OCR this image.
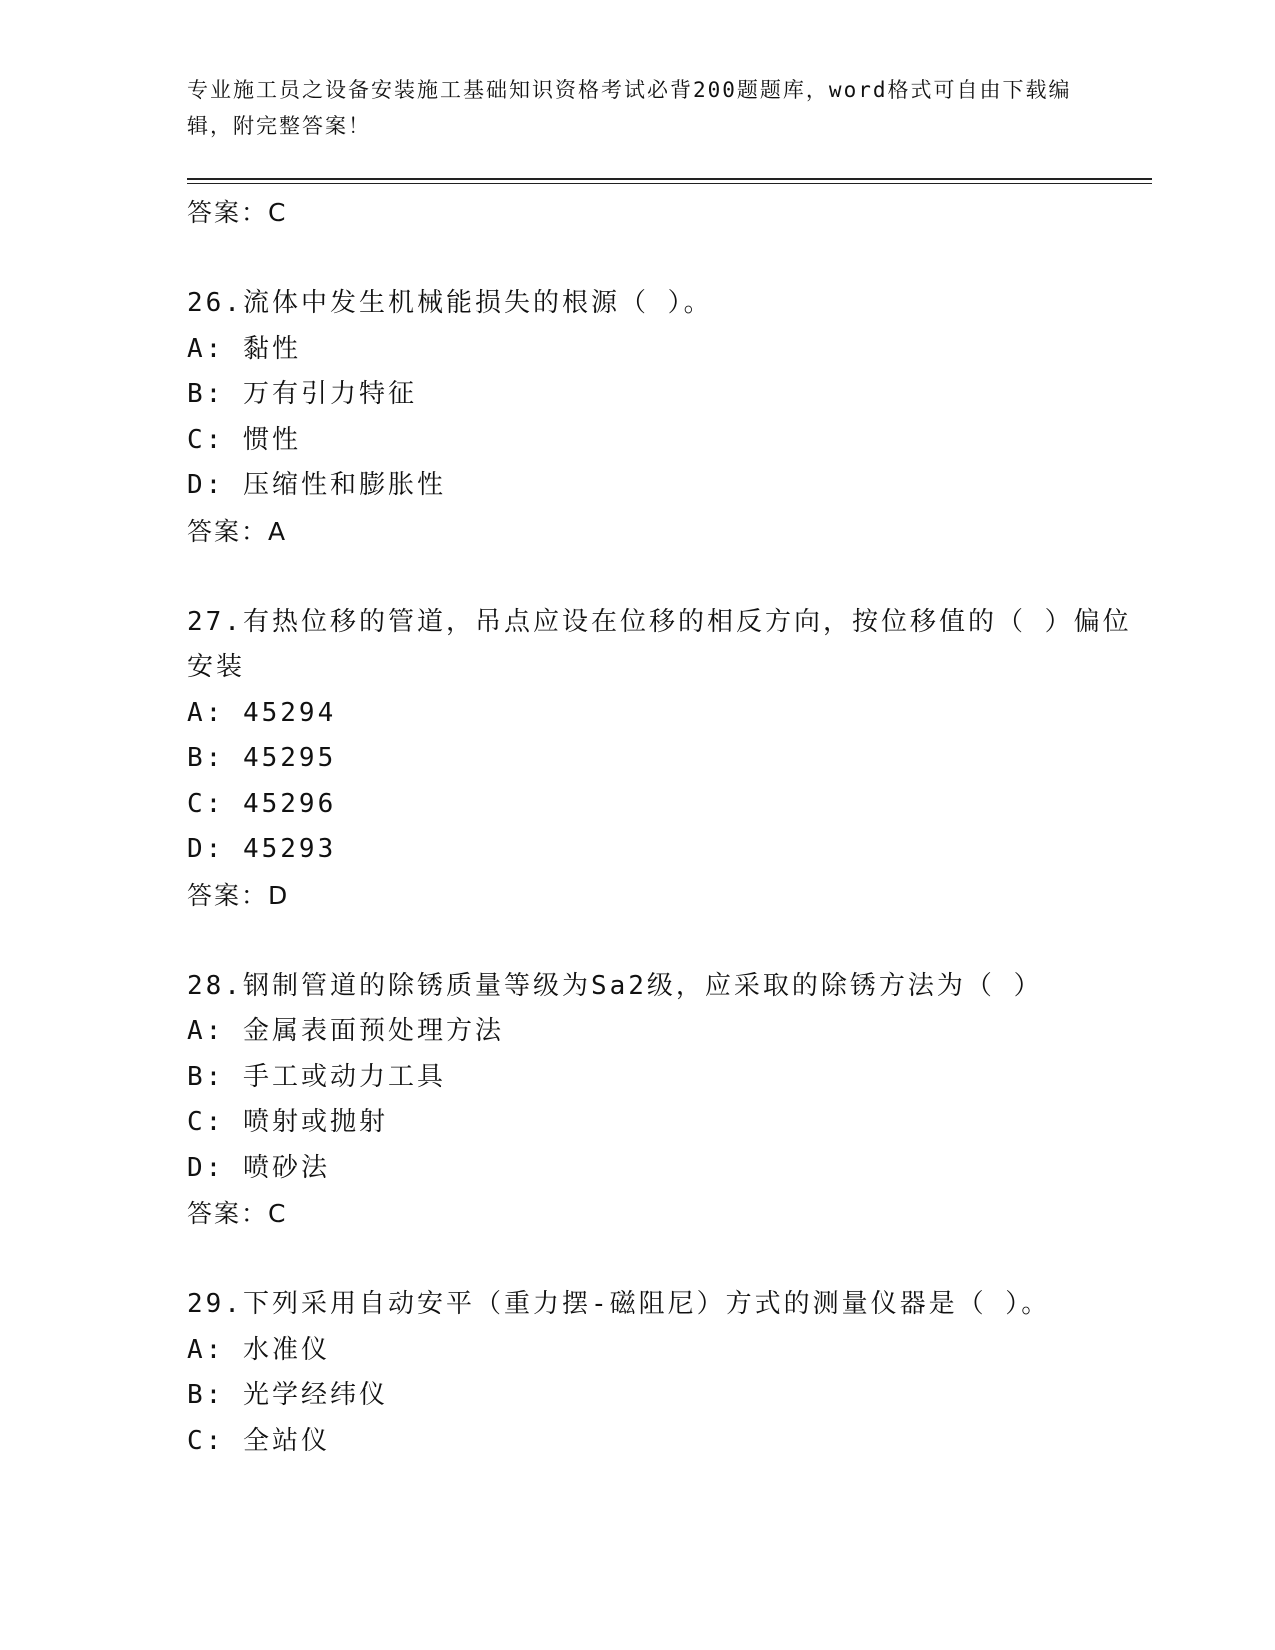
专业施工员之设备安装施工基础知识资格考试必背200题题库，word格式可自由下载编辑，附完整答案！

答案：C

26.流体中发生机械能损失的根源（ ）。

A: 黏性

B: 万有引力特征

C: 惯性

D: 压缩性和膨胀性

答案：A

27.有热位移的管道，吊点应设在位移的相反方向，按位移值的（ ）偏位安装

A: 45294

B: 45295

C: 45296

D: 45293

答案：D

28.钢制管道的除锈质量等级为Sa2级，应采取的除锈方法为（ ）

A: 金属表面预处理方法

B: 手工或动力工具

C: 喷射或抛射

D: 喷砂法

答案：C

29.下列采用自动安平（重力摆-磁阻尼）方式的测量仪器是（ ）。

A: 水准仪

B: 光学经纬仪

C: 全站仪
